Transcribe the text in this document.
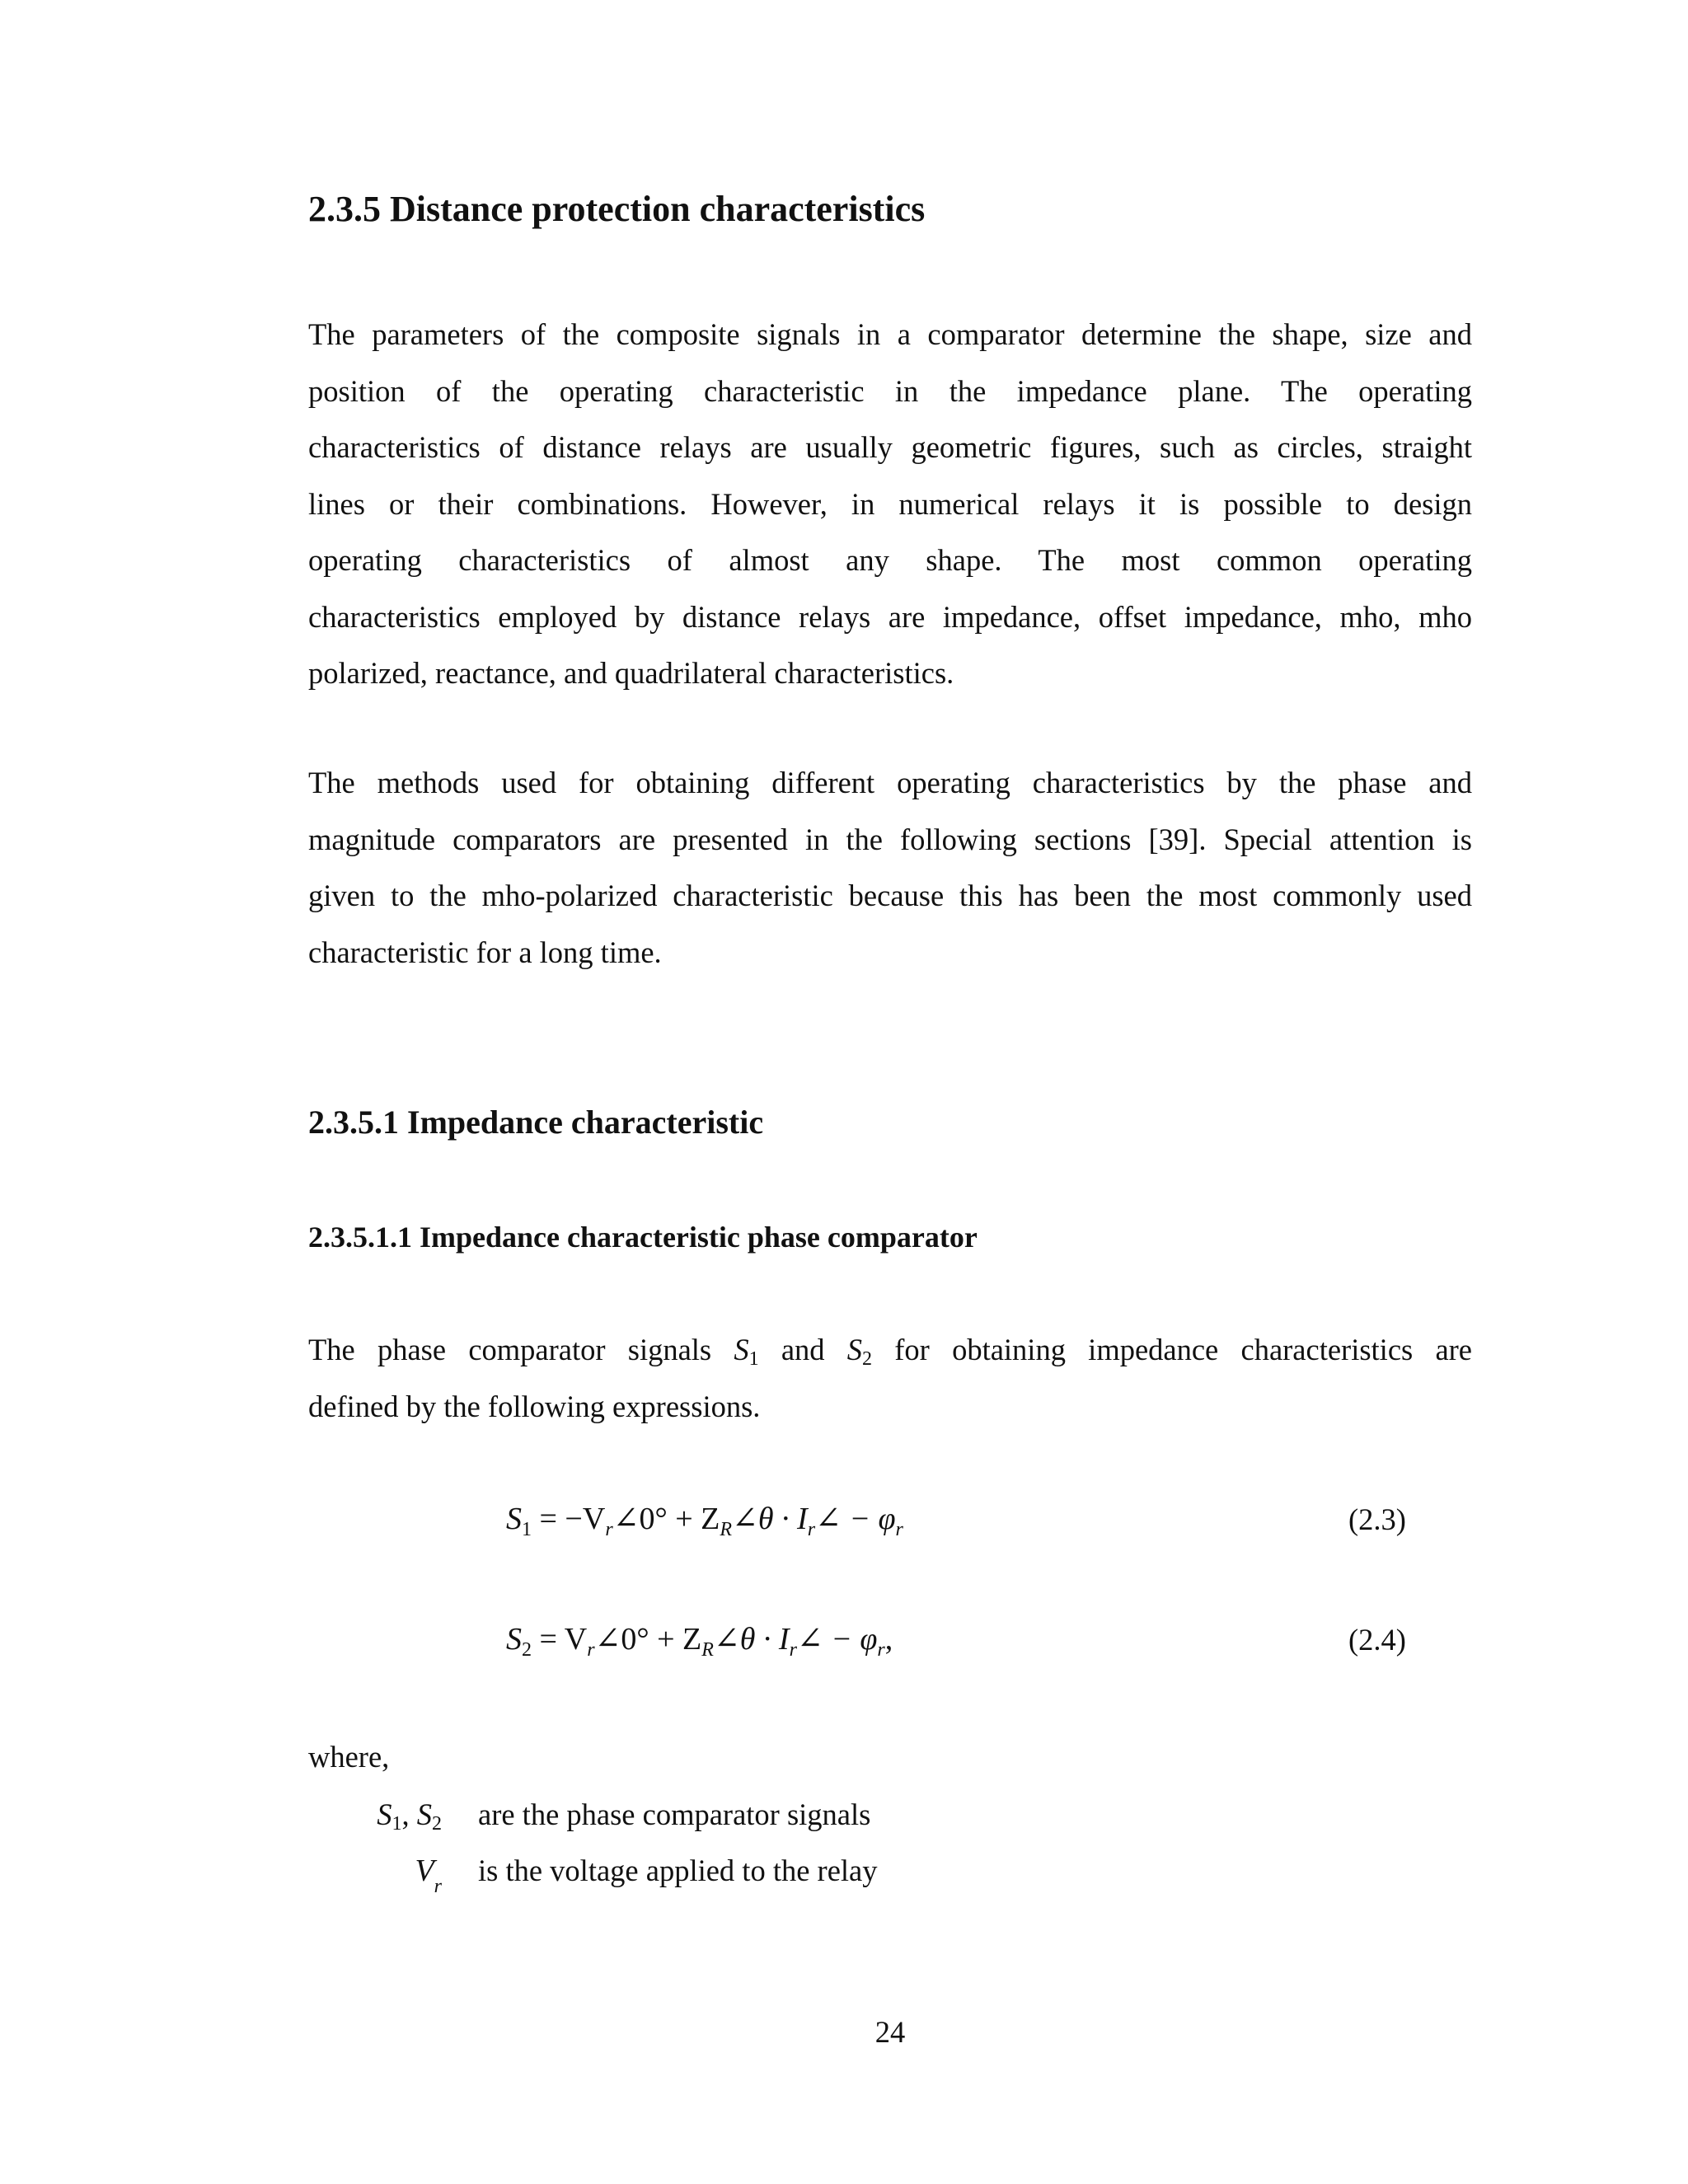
2.3.5 Distance protection characteristics

The parameters of the composite signals in a comparator determine the shape, size and
position of the operating characteristic in the impedance plane. The operating
characteristics of distance relays are usually geometric figures, such as circles, straight
lines or their combinations. However, in numerical relays it is possible to design
operating characteristics of almost any shape. The most common operating
characteristics employed by distance relays are impedance, offset impedance, mho, mho
polarized, reactance, and quadrilateral characteristics.

The methods used for obtaining different operating characteristics by the phase and
magnitude comparators are presented in the following sections [39]. Special attention is
given to the mho-polarized characteristic because this has been the most commonly used
characteristic for a long time.

2.3.5.1 Impedance characteristic
2.3.5.1.1 Impedance characteristic phase comparator

The phase comparator signals $S_1$ and $S_2$ for obtaining impedance characteristics are
defined by the following expressions.

$S_1$ = $-V_r\angle 0^\circ$ + $Z_R\angle\theta$ · $I_r\angle - \varphi_r$	(2.3)
$S_2$ = $V_r\angle 0^\circ$ + $Z_R\angle\theta$ · $I_r\angle - \varphi_r$,	(2.4)
where,
$S_1$, $S_2$ are the phase comparator signals
$V_r$ is the voltage applied to the relay
24
